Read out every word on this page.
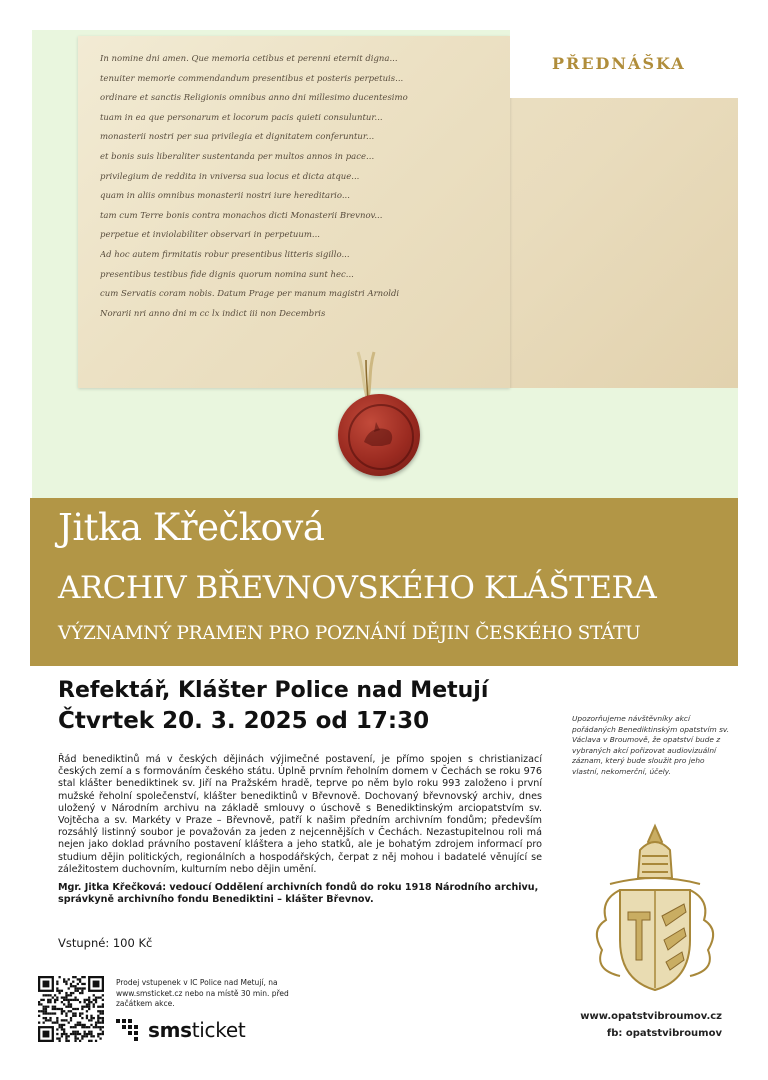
PŘEDNÁŠKA
In nomine dni amen. Que memoria cetibus et perenni eternit digna...
tenuiter memorie commendandum presentibus et posteris perpetuis...
ordinare et sanctis Religionis omnibus anno dni millesimo ducentesimo
tuam in ea que personarum et locorum pacis quieti consuluntur...
monasterii nostri per sua privilegia et dignitatem conferuntur...
et bonis suis liberaliter sustentanda per multos annos in pace...
privilegium de reddita in vniversa sua locus et dicta atque...
quam in aliis omnibus monasterii nostri iure hereditario...
tam cum Terre bonis contra monachos dicti Monasterii Brevnov...
perpetue et inviolabiliter observari in perpetuum...
Ad hoc autem firmitatis robur presentibus litteris sigillo...
presentibus testibus fide dignis quorum nomina sunt hec...
cum Servatis coram nobis. Datum Prage per manum magistri Arnoldi
Norarii nri anno dni m cc lx indict iii non Decembris
Jitka Křečková
ARCHIV BŘEVNOVSKÉHO KLÁŠTERA
VÝZNAMNÝ PRAMEN PRO POZNÁNÍ DĚJIN ČESKÉHO STÁTU
Refektář, Klášter Police nad Metují
Čtvrtek 20. 3. 2025 od 17:30	Upozorňujeme návštěvníky akcí pořádaných Benediktinským opatstvím sv. Václava v Broumově, že opatství bude z vybraných akcí pořizovat audiovizuální záznam, který bude sloužit pro jeho vlastní, nekomerční, účely.
Řád benediktinů má v českých dějinách výjimečné postavení, je přímo spojen s christianizací českých zemí a s formováním českého státu. Úplně prvním řeholním domem v Čechách se roku 976 stal klášter benediktinek sv. Jiří na Pražském hradě, teprve po něm bylo roku 993 založeno i první mužské řeholní společenství, klášter benediktinů v Břevnově. Dochovaný břevnovský archiv, dnes uložený v Národním archivu na základě smlouvy o úschově s Benediktinským arciopatstvím sv. Vojtěcha a sv. Markéty v Praze – Břevnově, patří k našim předním archivním fondům; především rozsáhlý listinný soubor je považován za jeden z nejcennějších v Čechách. Nezastupitelnou roli má nejen jako doklad právního postavení kláštera a jeho statků, ale je bohatým zdrojem informací pro studium dějin politických, regionálních a hospodářských, čerpat z něj mohou i badatelé věnující se záležitostem duchovním, kulturním nebo dějin umění.
Mgr. Jitka Křečková: vedoucí Oddělení archivních fondů do roku 1918 Národního archivu, správkyně archivního fondu Benediktini – klášter Břevnov.
Vstupné: 100 Kč
Prodej vstupenek v IC Police nad Metují, na www.smsticket.cz nebo na místě 30 min. před začátkem akce.
smsticket
www.opatstvibroumov.cz
fb: opatstvibroumov
